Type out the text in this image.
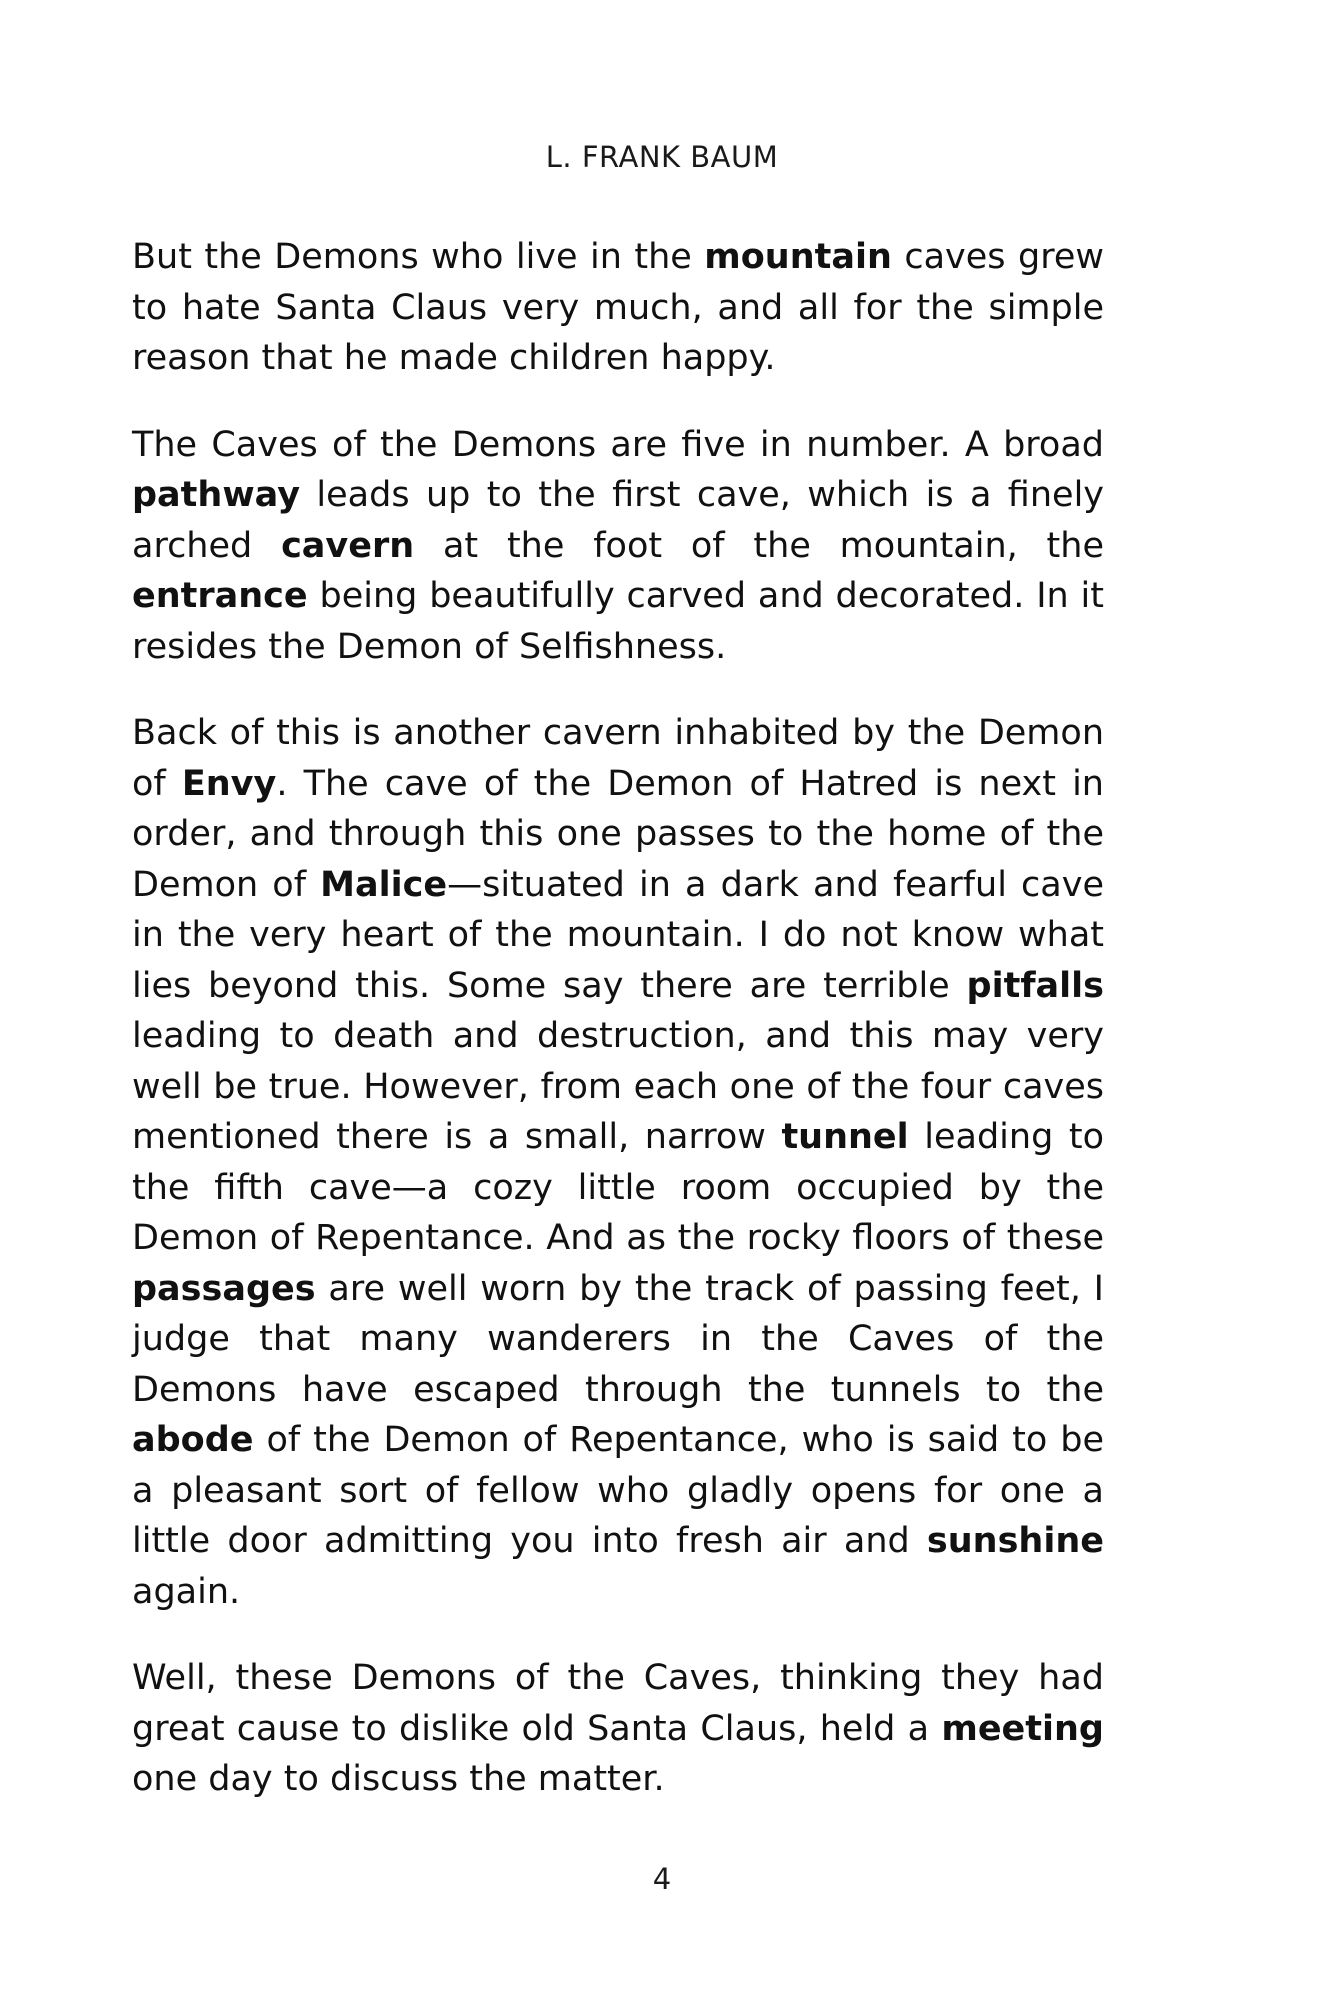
L. FRANK BAUM

But the Demons who live in the mountain caves grew to hate Santa Claus very much, and all for the simple reason that he made children happy.

The Caves of the Demons are five in number. A broad pathway leads up to the first cave, which is a finely arched cavern at the foot of the mountain, the entrance being beautifully carved and decorated. In it resides the Demon of Selfishness.

Back of this is another cavern inhabited by the Demon of Envy. The cave of the Demon of Hatred is next in order, and through this one passes to the home of the Demon of Malice—situated in a dark and fearful cave in the very heart of the mountain. I do not know what lies beyond this. Some say there are terrible pitfalls leading to death and destruction, and this may very well be true. However, from each one of the four caves mentioned there is a small, narrow tunnel leading to the fifth cave—a cozy little room occupied by the Demon of Repentance. And as the rocky floors of these passages are well worn by the track of passing feet, I judge that many wanderers in the Caves of the Demons have escaped through the tunnels to the abode of the Demon of Repentance, who is said to be a pleasant sort of fellow who gladly opens for one a little door admitting you into fresh air and sunshine again.

Well, these Demons of the Caves, thinking they had great cause to dislike old Santa Claus, held a meeting one day to discuss the matter.

4
